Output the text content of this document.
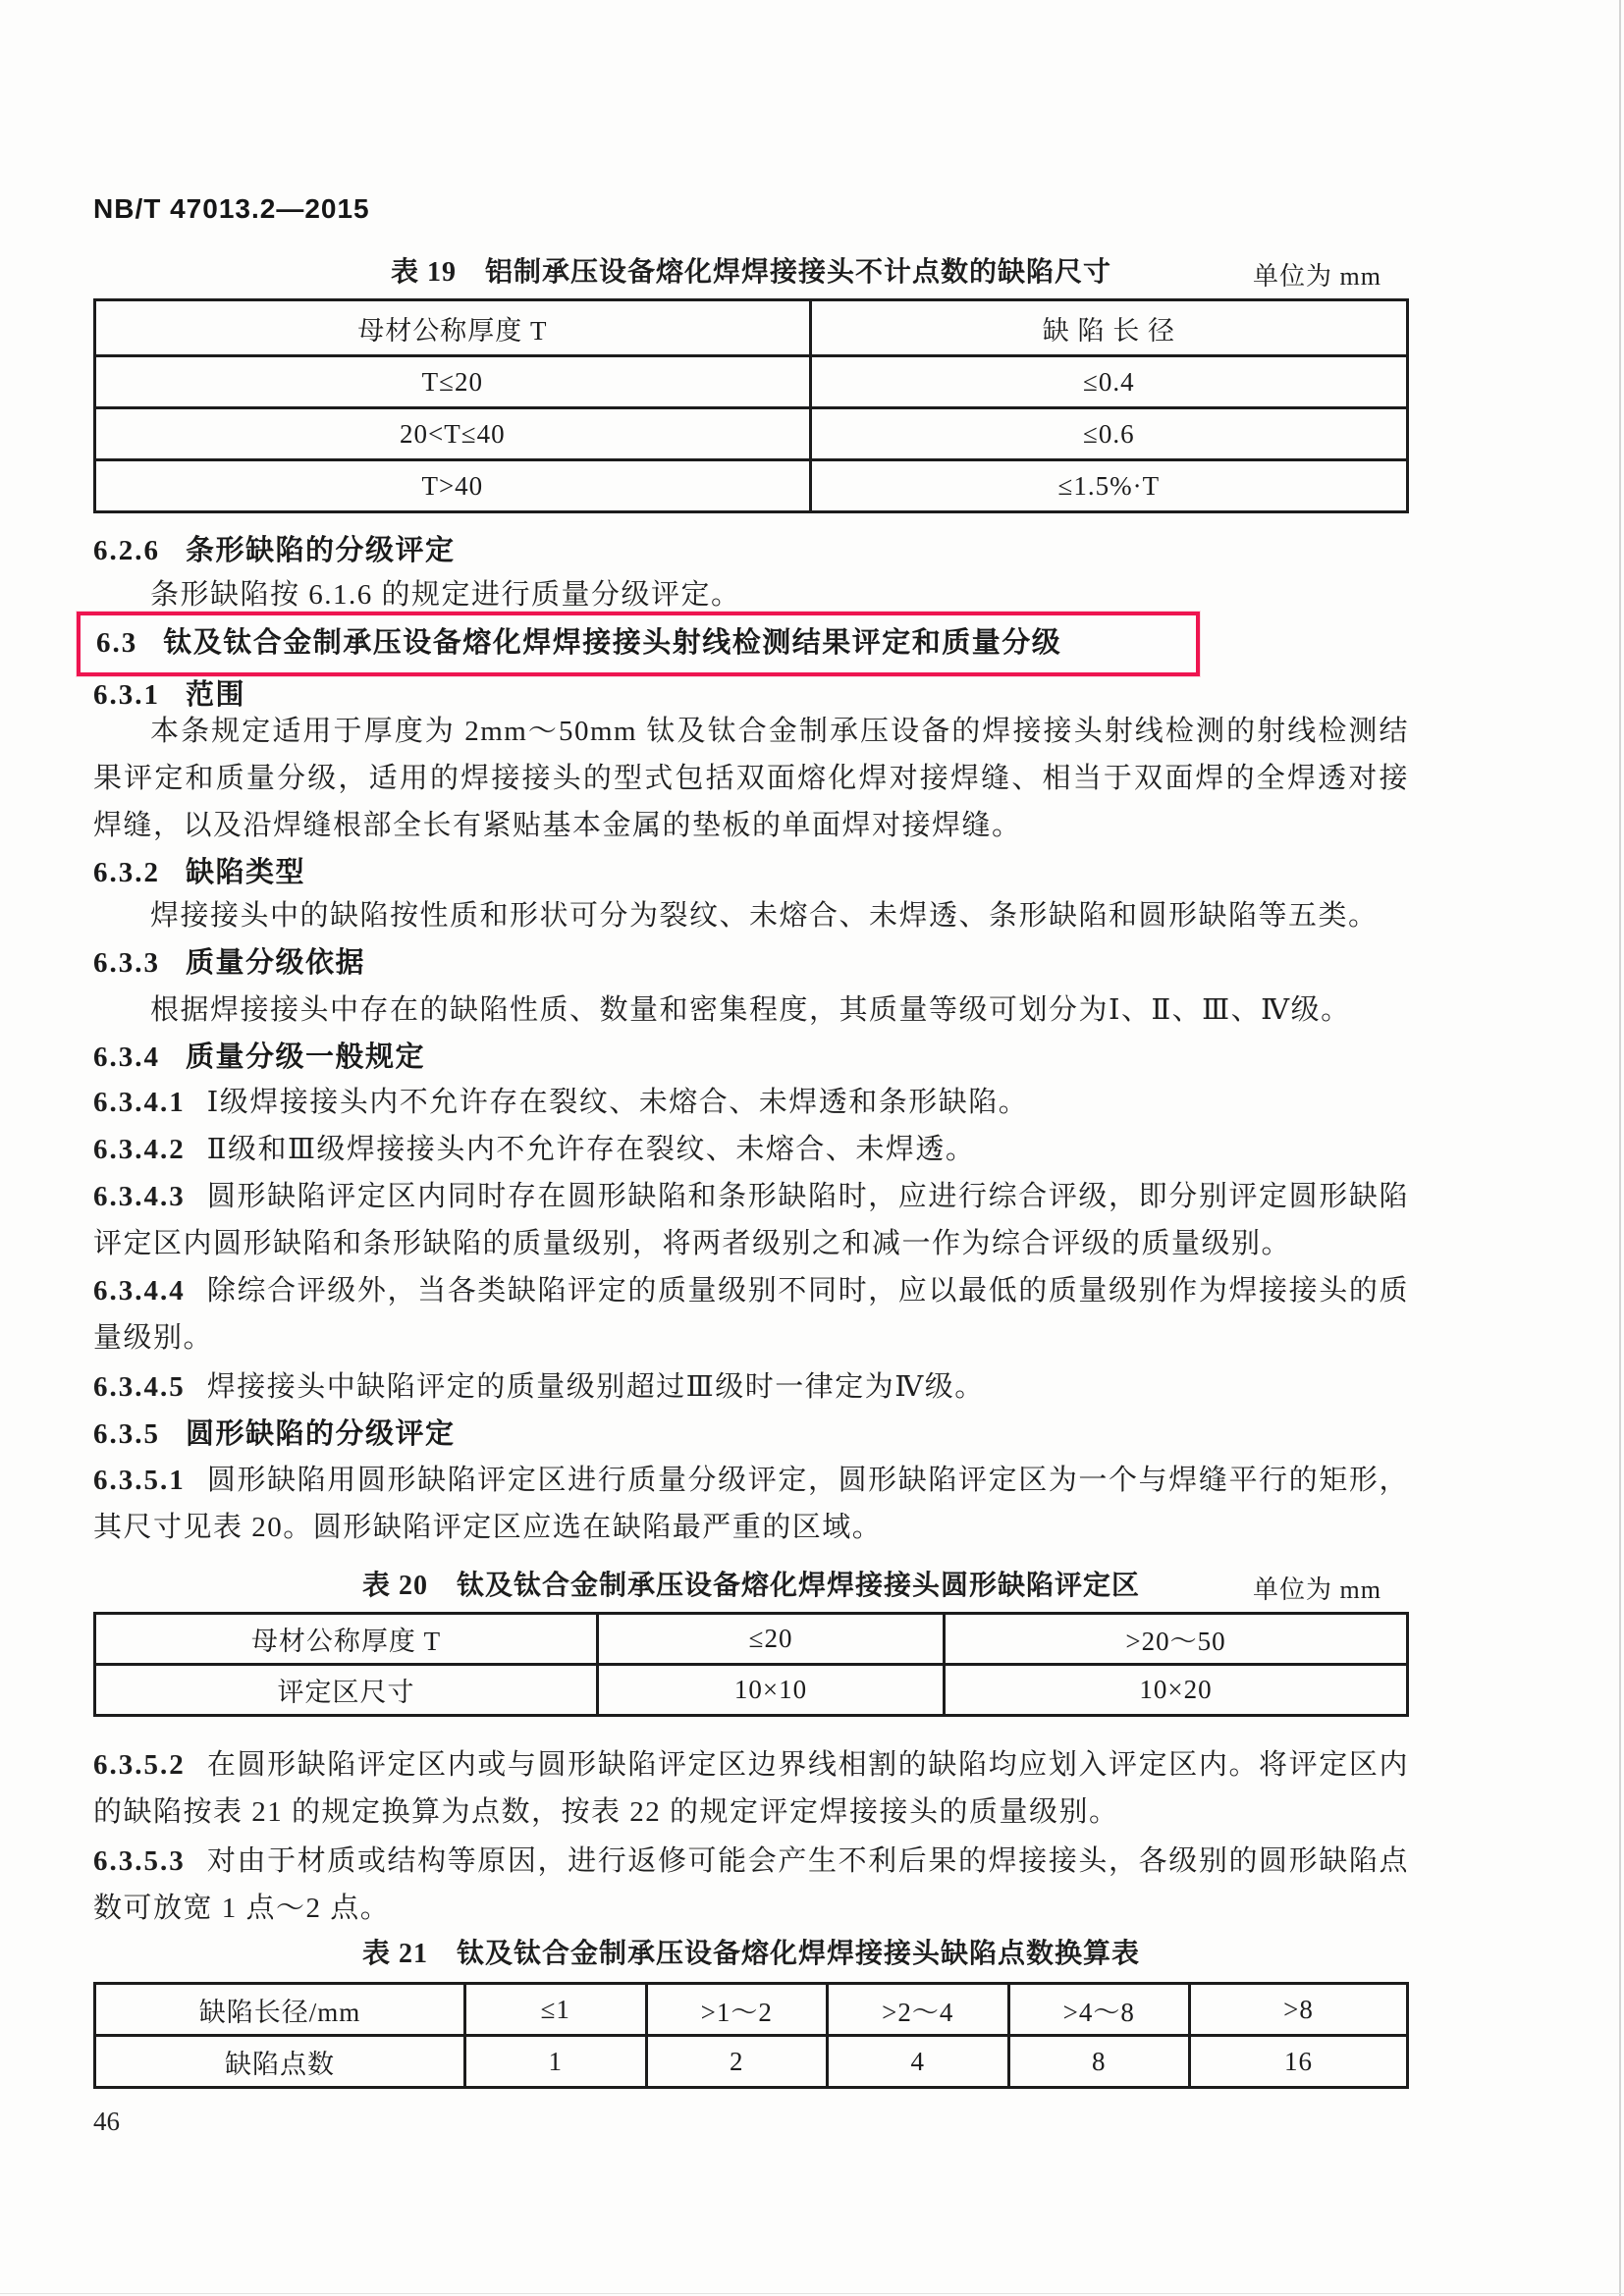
NB/T 47013.2—2015
表 19　铝制承压设备熔化焊焊接接头不计点数的缺陷尺寸	单位为 mm
母材公称厚度 T	缺 陷 长 径
T≤20	≤0.4
20<T≤40	≤0.6
T>40	≤1.5%·T

6.2.6 条形缺陷的分级评定

条形缺陷按 6.1.6 的规定进行质量分级评定。

6.3 钛及钛合金制承压设备熔化焊焊接接头射线检测结果评定和质量分级

6.3.1 范围

本条规定适用于厚度为 2mm～50mm 钛及钛合金制承压设备的焊接接头射线检测的射线检测结果评定和质量分级，适用的焊接接头的型式包括双面熔化焊对接焊缝、相当于双面焊的全焊透对接焊缝，以及沿焊缝根部全长有紧贴基本金属的垫板的单面焊对接焊缝。

6.3.2 缺陷类型

焊接接头中的缺陷按性质和形状可分为裂纹、未熔合、未焊透、条形缺陷和圆形缺陷等五类。

6.3.3 质量分级依据

根据焊接接头中存在的缺陷性质、数量和密集程度，其质量等级可划分为Ⅰ、Ⅱ、Ⅲ、Ⅳ级。

6.3.4 质量分级一般规定

6.3.4.1 Ⅰ级焊接接头内不允许存在裂纹、未熔合、未焊透和条形缺陷。

6.3.4.2 Ⅱ级和Ⅲ级焊接接头内不允许存在裂纹、未熔合、未焊透。

6.3.4.3 圆形缺陷评定区内同时存在圆形缺陷和条形缺陷时，应进行综合评级，即分别评定圆形缺陷评定区内圆形缺陷和条形缺陷的质量级别，将两者级别之和减一作为综合评级的质量级别。

6.3.4.4 除综合评级外，当各类缺陷评定的质量级别不同时，应以最低的质量级别作为焊接接头的质量级别。

6.3.4.5 焊接接头中缺陷评定的质量级别超过Ⅲ级时一律定为Ⅳ级。

6.3.5 圆形缺陷的分级评定

6.3.5.1 圆形缺陷用圆形缺陷评定区进行质量分级评定，圆形缺陷评定区为一个与焊缝平行的矩形，其尺寸见表 20。圆形缺陷评定区应选在缺陷最严重的区域。

表 20　钛及钛合金制承压设备熔化焊焊接接头圆形缺陷评定区	单位为 mm
母材公称厚度 T	≤20	>20～50
评定区尺寸	10×10	10×20

6.3.5.2 在圆形缺陷评定区内或与圆形缺陷评定区边界线相割的缺陷均应划入评定区内。将评定区内的缺陷按表 21 的规定换算为点数，按表 22 的规定评定焊接接头的质量级别。

6.3.5.3 对由于材质或结构等原因，进行返修可能会产生不利后果的焊接接头，各级别的圆形缺陷点数可放宽 1 点～2 点。

表 21　钛及钛合金制承压设备熔化焊焊接接头缺陷点数换算表
缺陷长径/mm	≤1	>1～2	>2～4	>4～8	>8
缺陷点数	1	2	4	8	16
46
